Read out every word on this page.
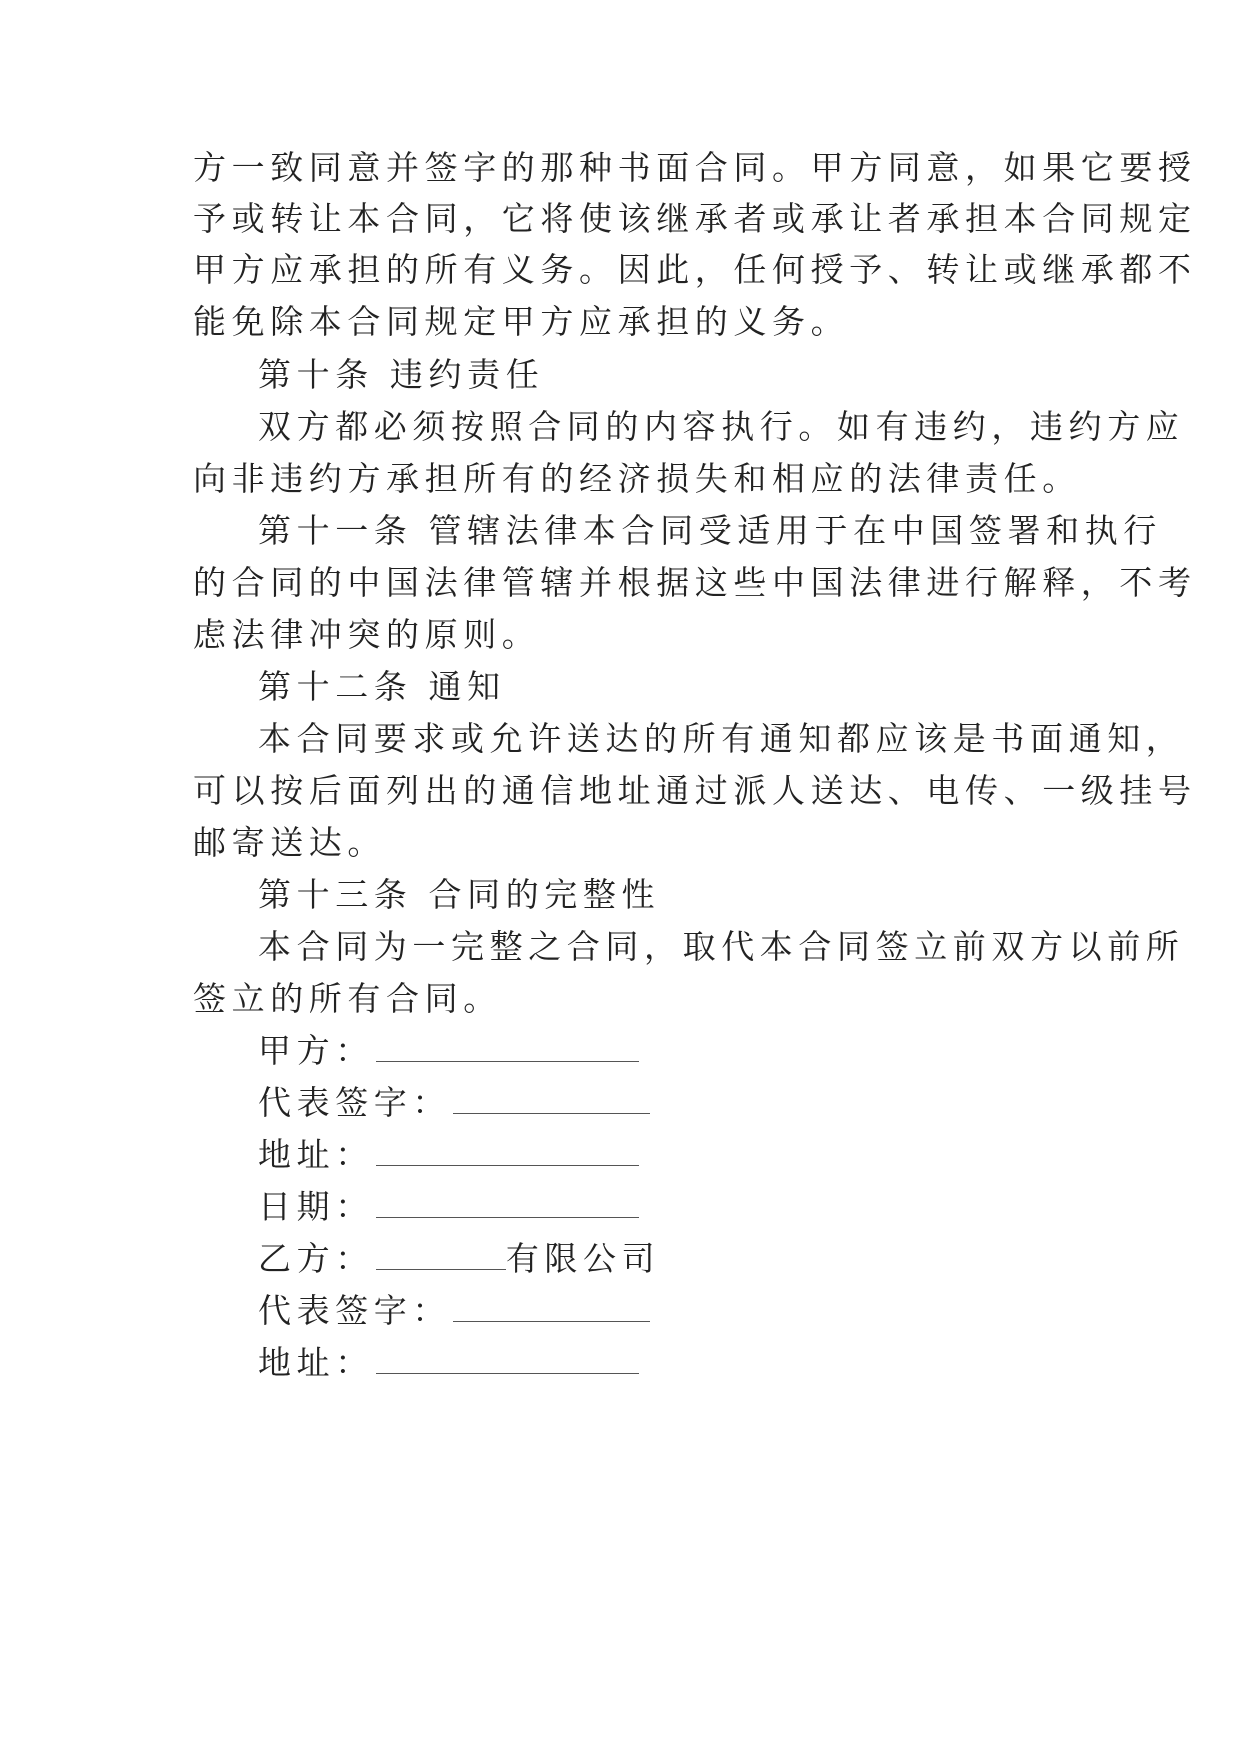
方一致同意并签字的那种书面合同。甲方同意，如果它要授
予或转让本合同，它将使该继承者或承让者承担本合同规定
甲方应承担的所有义务。因此，任何授予、转让或继承都不
能免除本合同规定甲方应承担的义务。
第十条 违约责任
双方都必须按照合同的内容执行。如有违约，违约方应
向非违约方承担所有的经济损失和相应的法律责任。
第十一条 管辖法律本合同受适用于在中国签署和执行
的合同的中国法律管辖并根据这些中国法律进行解释，不考
虑法律冲突的原则。
第十二条 通知
本合同要求或允许送达的所有通知都应该是书面通知，
可以按后面列出的通信地址通过派人送达、电传、一级挂号
邮寄送达。
第十三条 合同的完整性
本合同为一完整之合同，取代本合同签立前双方以前所
签立的所有合同。
甲方：
代表签字：
地址：
日期：
乙方：	有限公司
代表签字：
地址：
